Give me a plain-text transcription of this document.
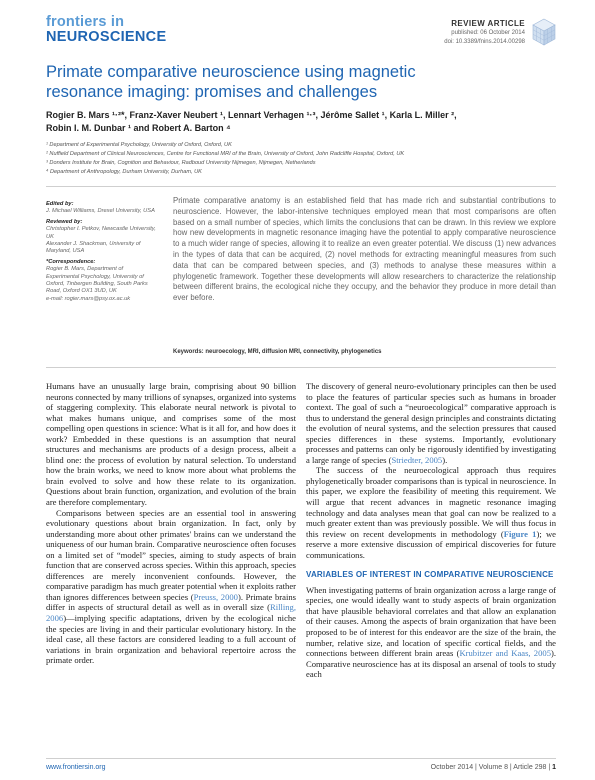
frontiers in
NEUROSCIENCE
REVIEW ARTICLE
published: 06 October 2014
doi: 10.3389/fnins.2014.00298
Primate comparative neuroscience using magnetic resonance imaging: promises and challenges
Rogier B. Mars ¹·²*, Franz-Xaver Neubert ¹, Lennart Verhagen ¹·³, Jérôme Sallet ¹, Karla L. Miller ²,
Robin I. M. Dunbar ¹ and Robert A. Barton ⁴
¹ Department of Experimental Psychology, University of Oxford, Oxford, UK
² Nuffield Department of Clinical Neurosciences, Centre for Functional MRI of the Brain, University of Oxford, John Radcliffe Hospital, Oxford, UK
³ Donders Institute for Brain, Cognition and Behaviour, Radboud University Nijmegen, Nijmegen, Netherlands
⁴ Department of Anthropology, Durham University, Durham, UK
Edited by:
J. Michael Williams, Drexel University, USA
Reviewed by:
Christopher I. Petkov, Newcastle University, UK
Alexander J. Shackman, University of Maryland, USA
*Correspondence:
Rogier B. Mars, Department of Experimental Psychology, University of Oxford, Tinbergen Building, South Parks Road, Oxford OX1 3UD, UK
e-mail: rogier.mars@psy.ox.ac.uk
Primate comparative anatomy is an established field that has made rich and substantial contributions to neuroscience. However, the labor-intensive techniques employed mean that most comparisons are often based on a small number of species, which limits the conclusions that can be drawn. In this review we explore how new developments in magnetic resonance imaging have the potential to apply comparative neuroscience to a much wider range of species, allowing it to realize an even greater potential. We discuss (1) new advances in the types of data that can be acquired, (2) novel methods for extracting meaningful measures from such data that can be compared between species, and (3) methods to analyse these measures within a phylogenetic framework. Together these developments will allow researchers to characterize the relationship between different brains, the ecological niche they occupy, and the behavior they produce in more detail than ever before.
Keywords: neuroecology, MRI, diffusion MRI, connectivity, phylogenetics

Humans have an unusually large brain, comprising about 90 billion neurons connected by many trillions of synapses, organized into systems of staggering complexity. This elaborate neural network is pivotal to what makes humans unique, and comprises some of the most compelling open questions in science: What is it all for, and how does it work? Embedded in these questions is an assumption that neural structures and mechanisms are products of a design process, albeit a blind one: the process of evolution by natural selection. To understand how the brain works, we need to know more about what problems the brain evolved to solve and how these relate to its organization. Questions about brain function, organization, and evolution of the brain are therefore complementary.

Comparisons between species are an essential tool in answering evolutionary questions about brain organization. In fact, only by understanding more about other primates' brains can we understand the uniqueness of our human brain. Comparative neuroscience often focuses on a limited set of “model” species, aiming to study aspects of brain function that are conserved across species. Within this approach, species differences are merely inconvenient confounds. However, the comparative paradigm has much greater potential when it exploits rather than ignores differences between species (Preuss, 2000). Primate brains differ in aspects of structural detail as well as in overall size (Rilling, 2006)—implying specific adaptations, driven by the ecological niche the species are living in and their particular evolutionary history. In the ideal case, all these factors are considered leading to a full account of variations in brain organization and behavioral repertoire across the primate order.

The discovery of general neuro-evolutionary principles can then be used to place the features of particular species such as humans in broader context. The goal of such a “neuroecological” comparative approach is thus to understand the general design principles and constraints dictating the evolution of neural systems, and the selection pressures that caused species differences in these systems. Importantly, evolutionary processes and patterns can only be rigorously identified by investigating a large range of species (Striedter, 2005).

The success of the neuroecological approach thus requires phylogenetically broader comparisons than is typical in neuroscience. In this paper, we explore the feasibility of meeting this requirement. We will argue that recent advances in magnetic resonance imaging technology and data analyses mean that goal can now be realized to a much greater extent than was previously possible. We will thus focus in this review on recent developments in methodology (Figure 1); we reserve a more extensive discussion of empirical discoveries for future communications.

VARIABLES OF INTEREST IN COMPARATIVE NEUROSCIENCE

When investigating patterns of brain organization across a large range of species, one would ideally want to study aspects of brain organization that have plausible behavioral correlates and that allow an explanation of their causes. Among the aspects of brain organization that have been proposed to be of interest for this endeavor are the size of the brain, the number, relative size, and location of specific cortical fields, and the connections between different brain areas (Krubitzer and Kaas, 2005). Comparative neuroscience has at its disposal an arsenal of tools to study each

www.frontiersin.org	October 2014 | Volume 8 | Article 298 | 1
